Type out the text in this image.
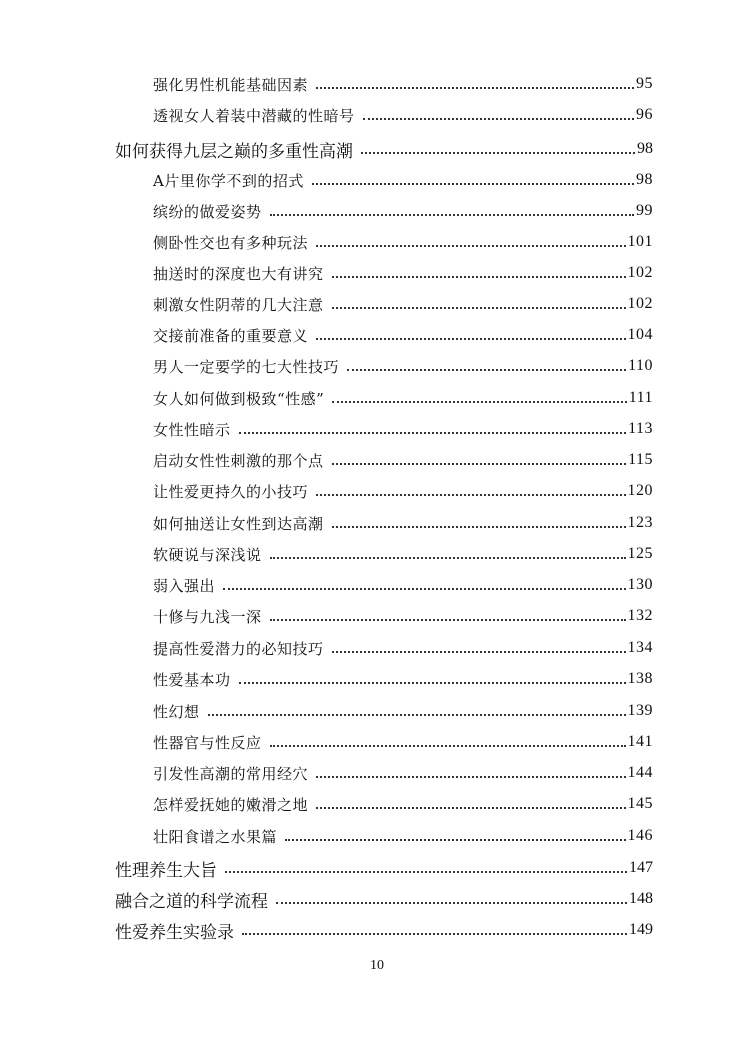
强化男性机能基础因素	95
透视女人着装中潜藏的性暗号	96
如何获得九层之巅的多重性高潮	98
A片里你学不到的招式	98
缤纷的做爱姿势	99
侧卧性交也有多种玩法	101
抽送时的深度也大有讲究	102
刺激女性阴蒂的几大注意	102
交接前准备的重要意义	104
男人一定要学的七大性技巧	110
女人如何做到极致“性感”	111
女性性暗示	113
启动女性性刺激的那个点	115
让性爱更持久的小技巧	120
如何抽送让女性到达高潮	123
软硬说与深浅说	125
弱入强出	130
十修与九浅一深	132
提高性爱潜力的必知技巧	134
性爱基本功	138
性幻想	139
性器官与性反应	141
引发性高潮的常用经穴	144
怎样爱抚她的嫩滑之地	145
壮阳食谱之水果篇	146
性理养生大旨	147
融合之道的科学流程	148
性爱养生实验录	149
10
